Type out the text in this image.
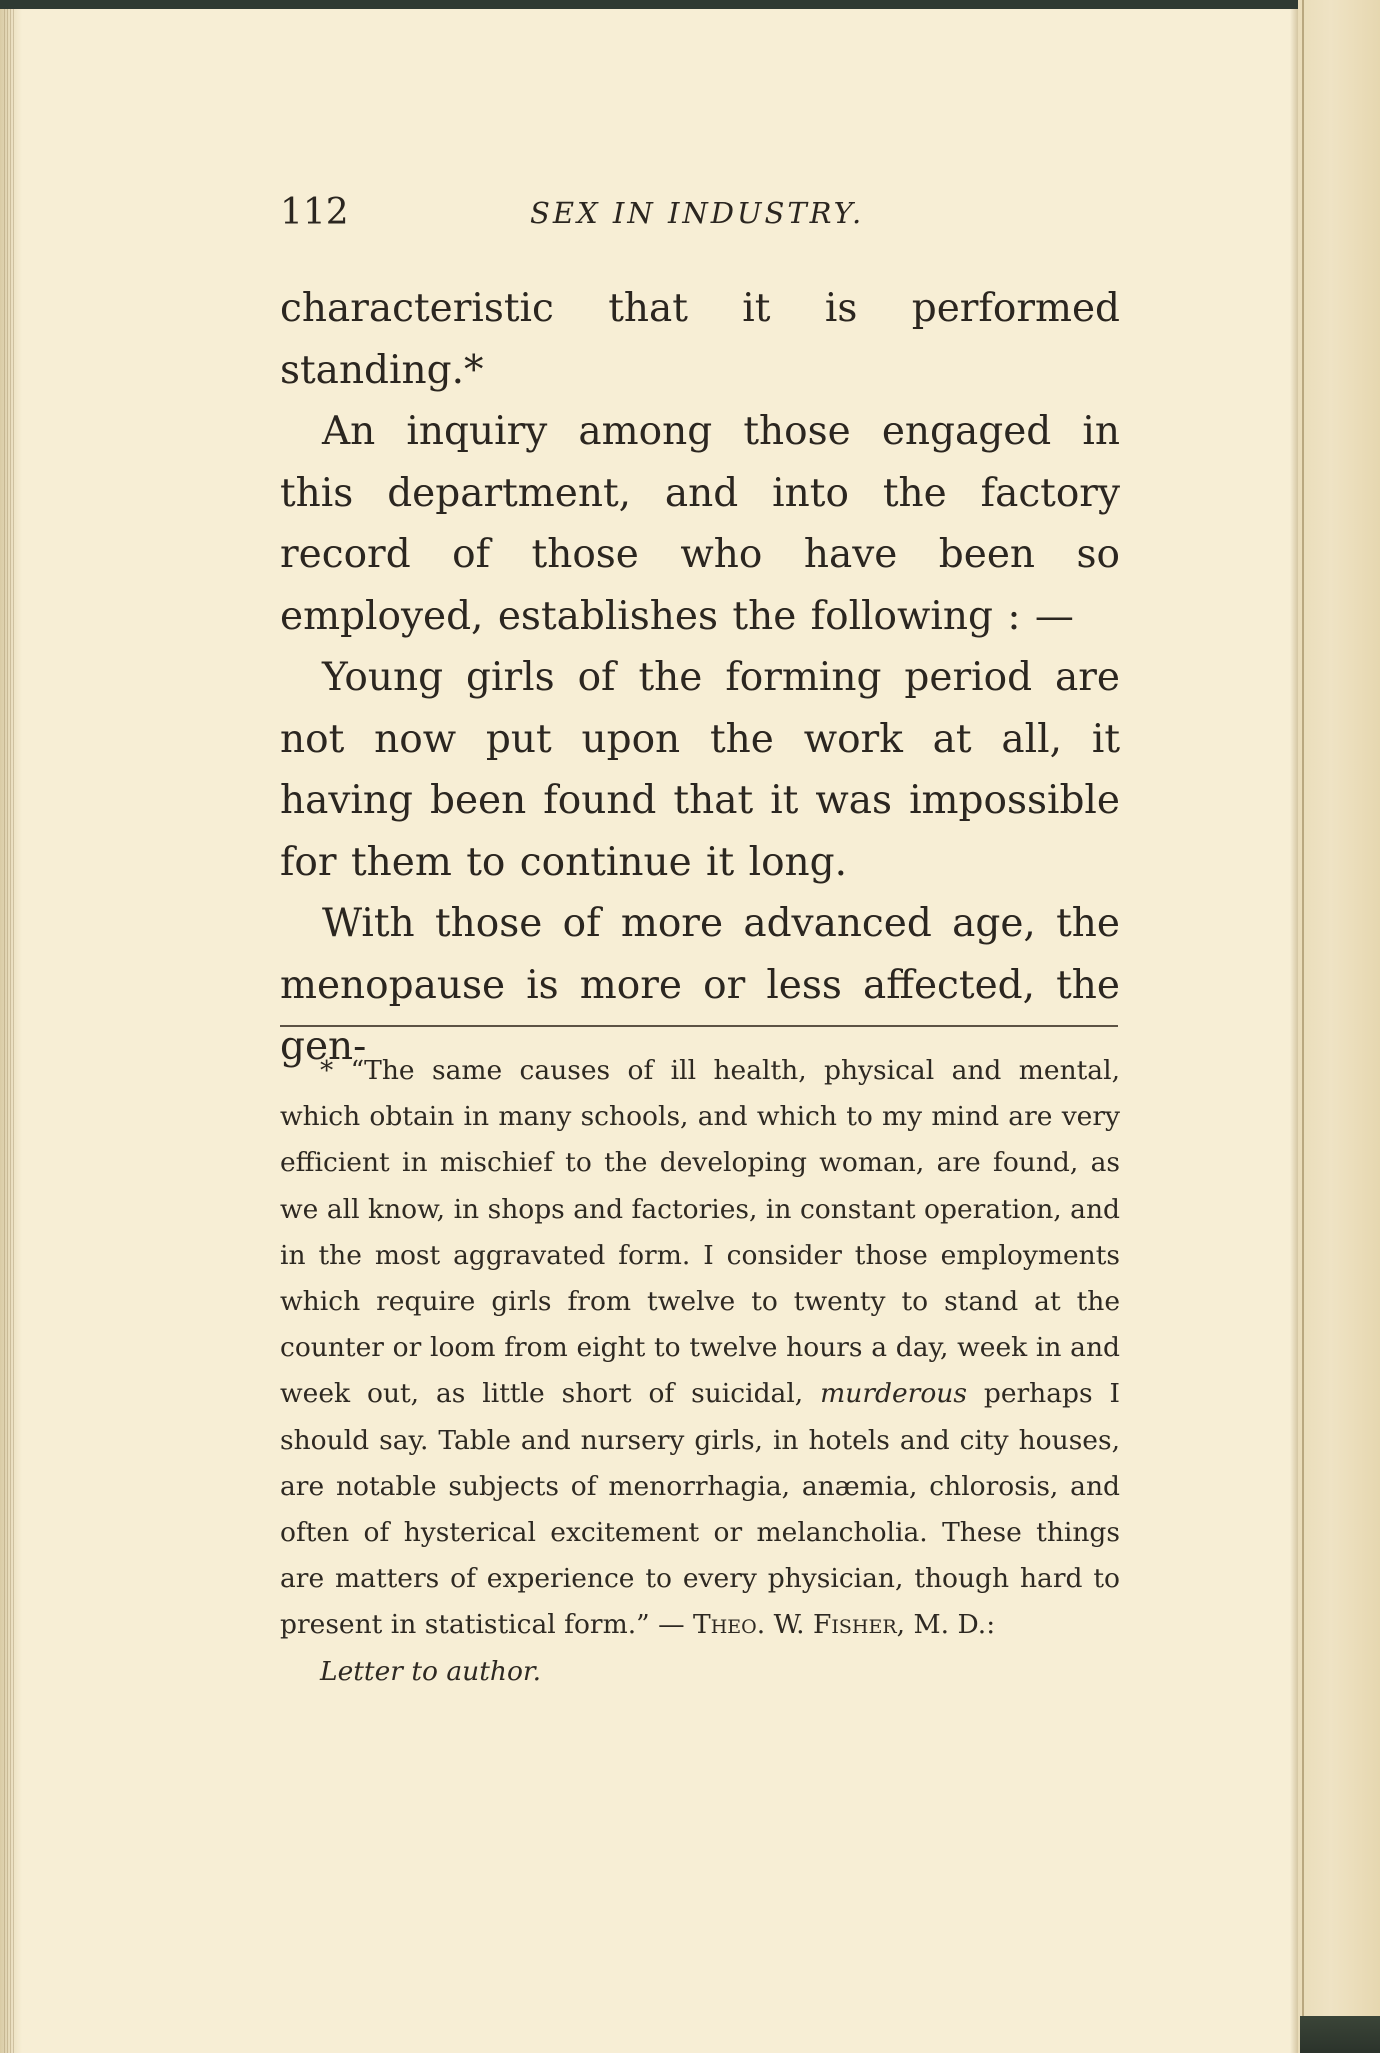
112	SEX IN INDUSTRY.

characteristic that it is performed standing.*

An inquiry among those engaged in this department, and into the factory record of those who have been so employed, establishes the following : —

Young girls of the forming period are not now put upon the work at all, it having been found that it was impossible for them to continue it long.

With those of more advanced age, the menopause is more or less affected, the gen-

* “The same causes of ill health, physical and mental, which obtain in many schools, and which to my mind are very efficient in mischief to the developing woman, are found, as we all know, in shops and factories, in constant operation, and in the most aggravated form. I consider those employments which require girls from twelve to twenty to stand at the counter or loom from eight to twelve hours a day, week in and week out, as little short of suicidal, murderous perhaps I should say. Table and nursery girls, in hotels and city houses, are notable subjects of menorrhagia, anæmia, chlorosis, and often of hysterical excitement or melancholia. These things are matters of experience to every physician, though hard to present in statistical form.” — Theo. W. Fisher, M. D.:
Letter to author.
